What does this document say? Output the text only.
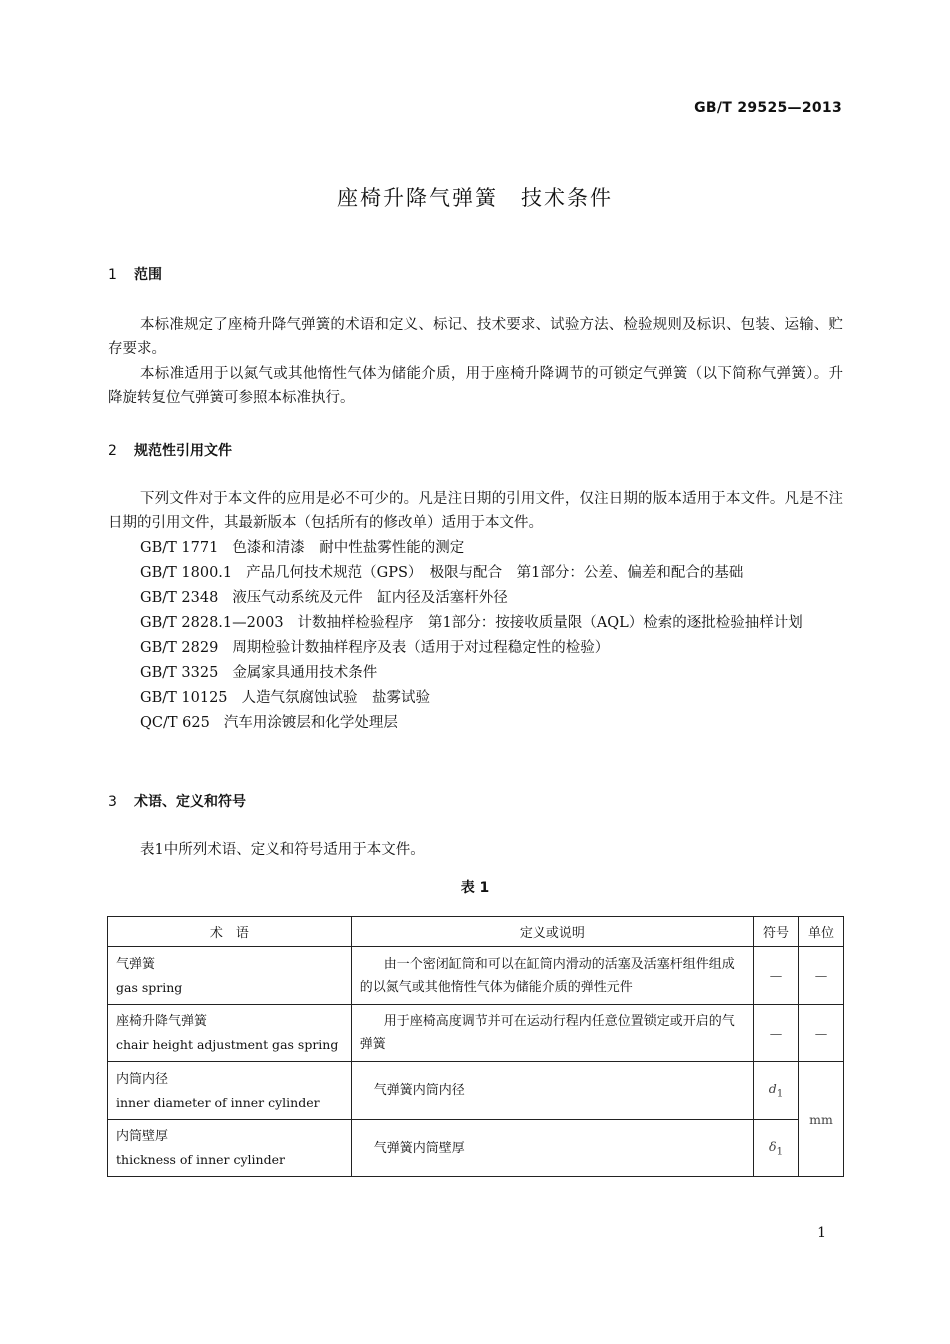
GB/T 29525—2013
座椅升降气弹簧　技术条件
1 范围
本标准规定了座椅升降气弹簧的术语和定义、标记、技术要求、试验方法、检验规则及标识、包装、运输、贮存要求。
本标准适用于以氮气或其他惰性气体为储能介质，用于座椅升降调节的可锁定气弹簧（以下简称气弹簧）。升降旋转复位气弹簧可参照本标准执行。
2 规范性引用文件
下列文件对于本文件的应用是必不可少的。凡是注日期的引用文件，仅注日期的版本适用于本文件。凡是不注日期的引用文件，其最新版本（包括所有的修改单）适用于本文件。
GB/T 1771 色漆和清漆　耐中性盐雾性能的测定
GB/T 1800.1 产品几何技术规范（GPS）　极限与配合　第1部分：公差、偏差和配合的基础
GB/T 2348 液压气动系统及元件　缸内径及活塞杆外径
GB/T 2828.1—2003 计数抽样检验程序　第1部分：按接收质量限（AQL）检索的逐批检验抽样计划
GB/T 2829 周期检验计数抽样程序及表（适用于对过程稳定性的检验）
GB/T 3325 金属家具通用技术条件
GB/T 10125 人造气氛腐蚀试验　盐雾试验
QC/T 625 汽车用涂镀层和化学处理层
3 术语、定义和符号
表1中所列术语、定义和符号适用于本文件。
表 1
术　语	定义或说明	符号	单位

气弹簧
gas spring	由一个密闭缸筒和可以在缸筒内滑动的活塞及活塞杆组件组成的以氮气或其他惰性气体为储能介质的弹性元件	—	—

座椅升降气弹簧
chair height adjustment gas spring	用于座椅高度调节并可在运动行程内任意位置锁定或开启的气弹簧	—	—

内筒内径
inner diameter of inner cylinder	气弹簧内筒内径	$d_1$	mm

内筒壁厚
thickness of inner cylinder	气弹簧内筒壁厚	$\delta_1$
1
